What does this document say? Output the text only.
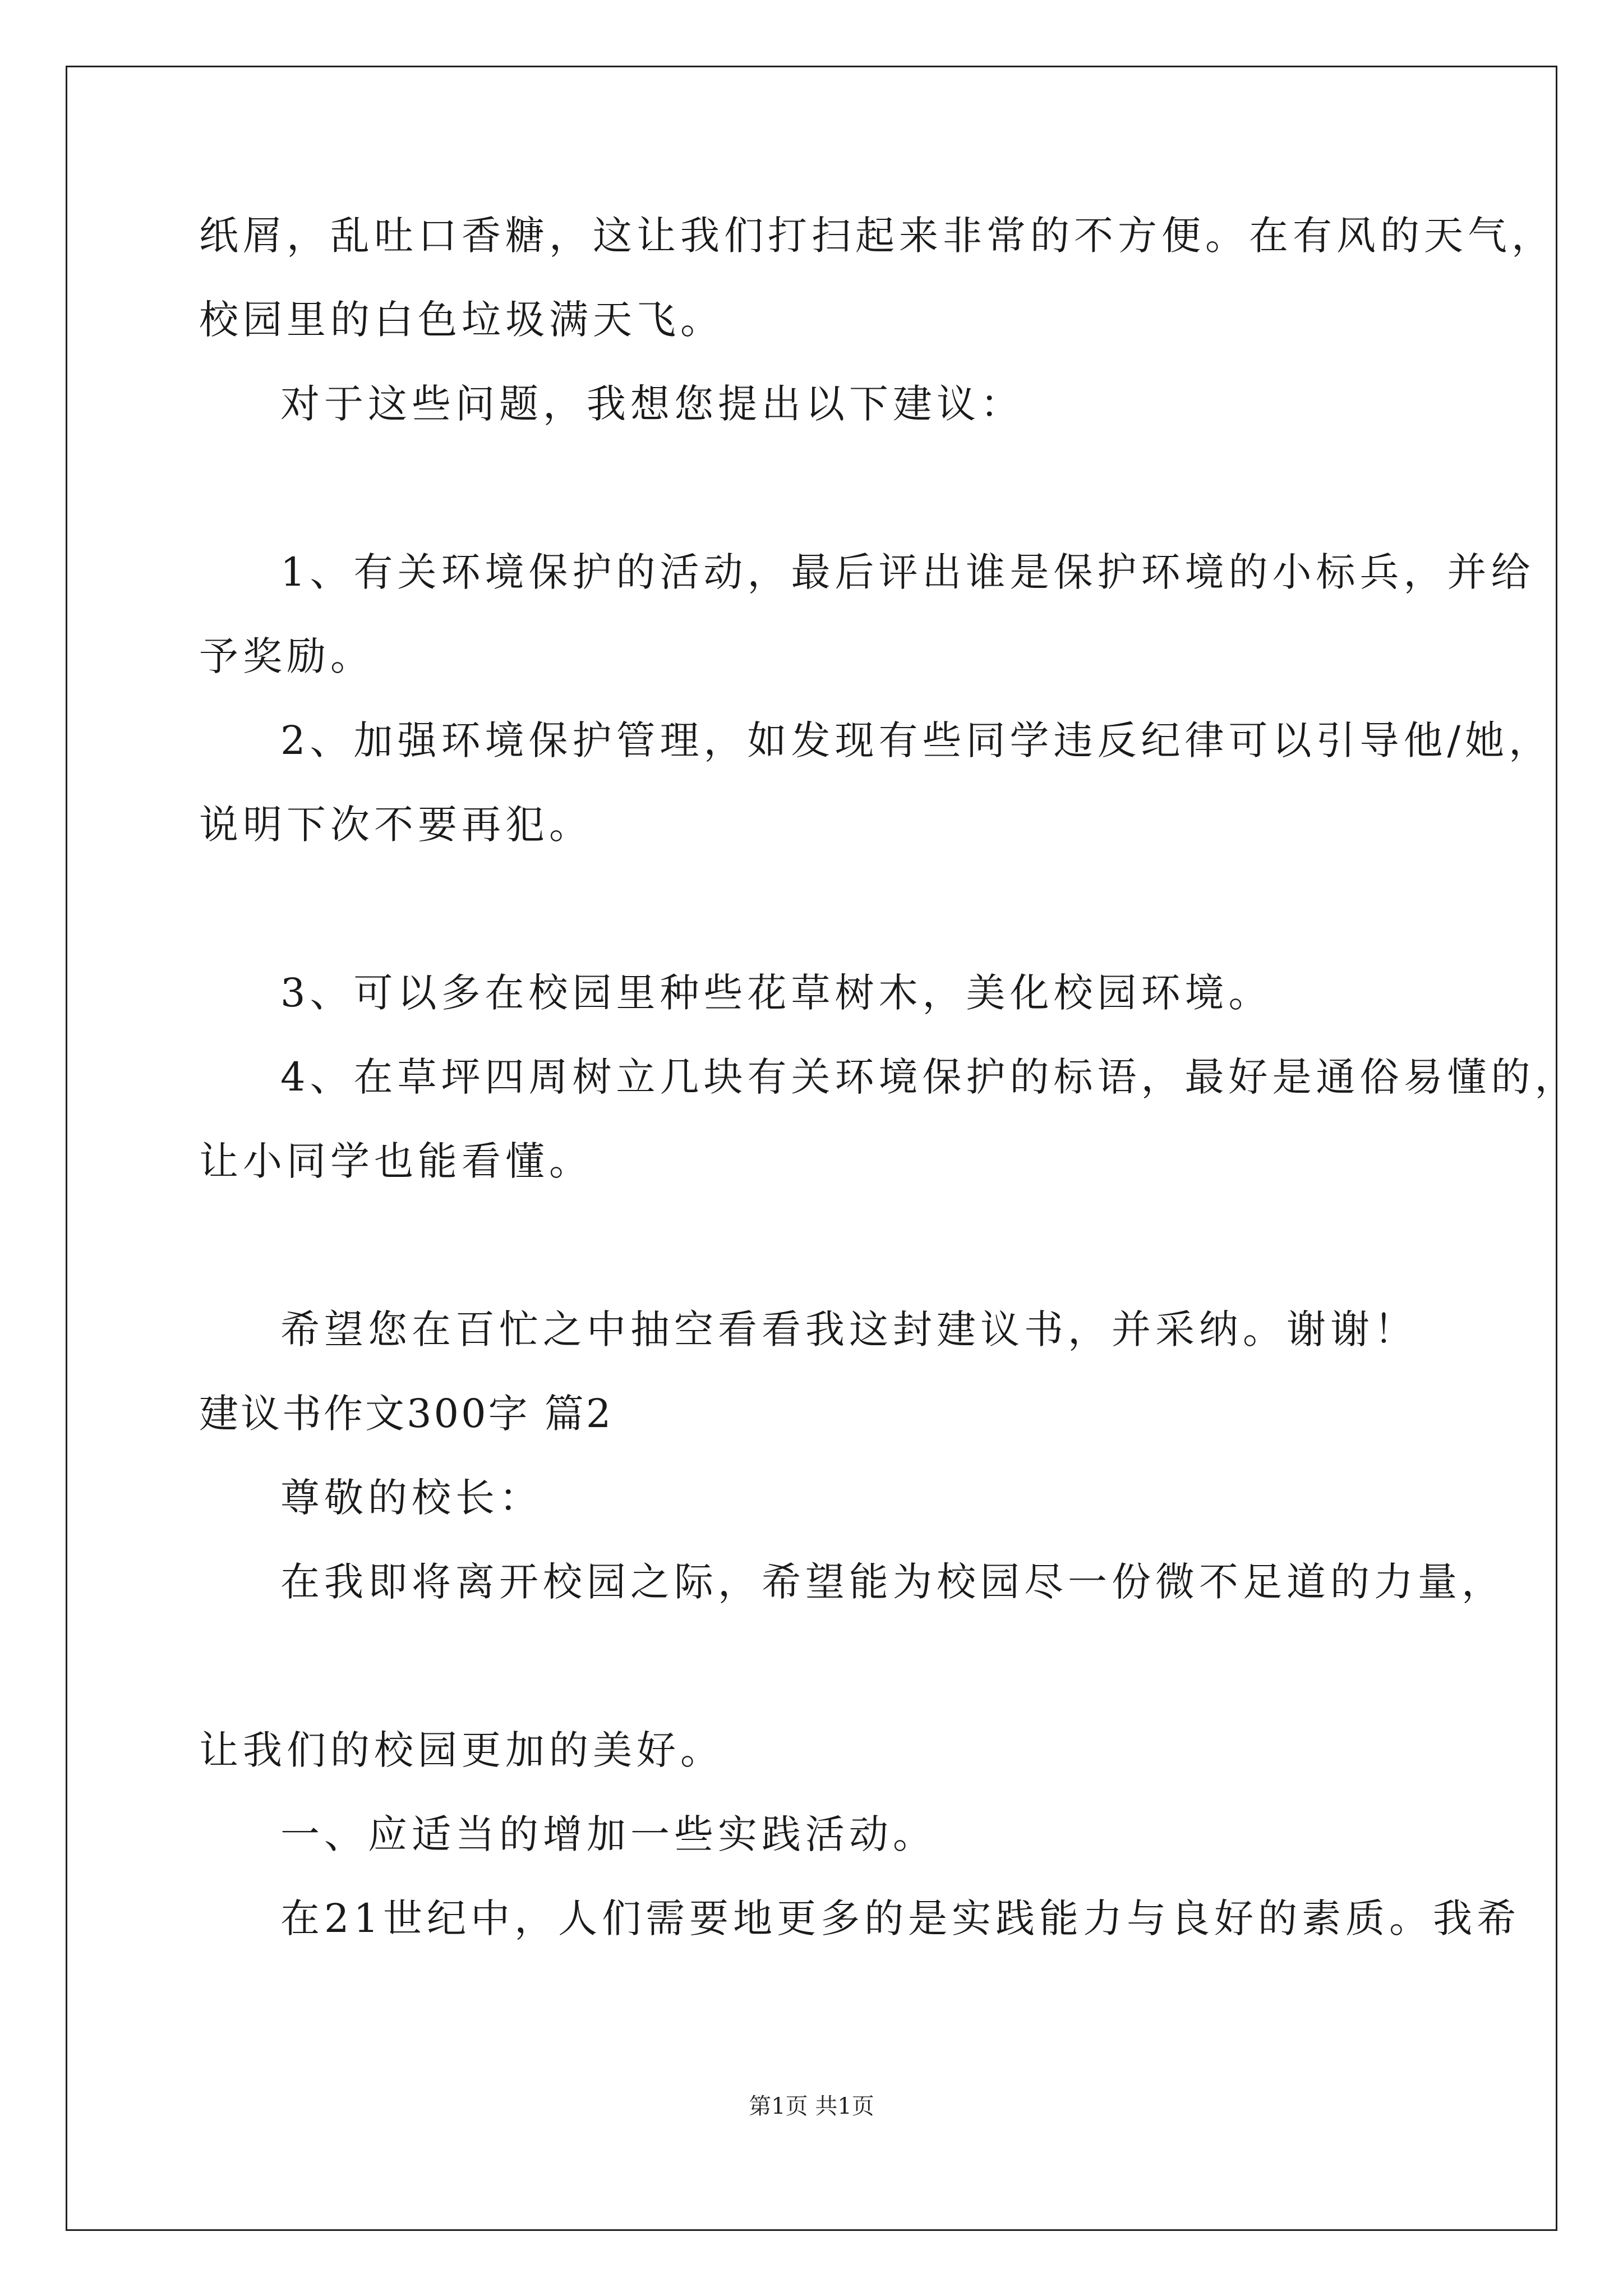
纸屑，乱吐口香糖，这让我们打扫起来非常的不方便。在有风的天气，
校园里的白色垃圾满天飞。
对于这些问题，我想您提出以下建议：
1、有关环境保护的活动，最后评出谁是保护环境的小标兵，并给
予奖励。
2、加强环境保护管理，如发现有些同学违反纪律可以引导他/她，
说明下次不要再犯。
3、可以多在校园里种些花草树木，美化校园环境。
4、在草坪四周树立几块有关环境保护的标语，最好是通俗易懂的，
让小同学也能看懂。
希望您在百忙之中抽空看看我这封建议书，并采纳。谢谢！
建议书作文300字 篇2
尊敬的校长：
在我即将离开校园之际，希望能为校园尽一份微不足道的力量，
让我们的校园更加的美好。
一、应适当的增加一些实践活动。
在21世纪中，人们需要地更多的是实践能力与良好的素质。我希
第1页 共1页
